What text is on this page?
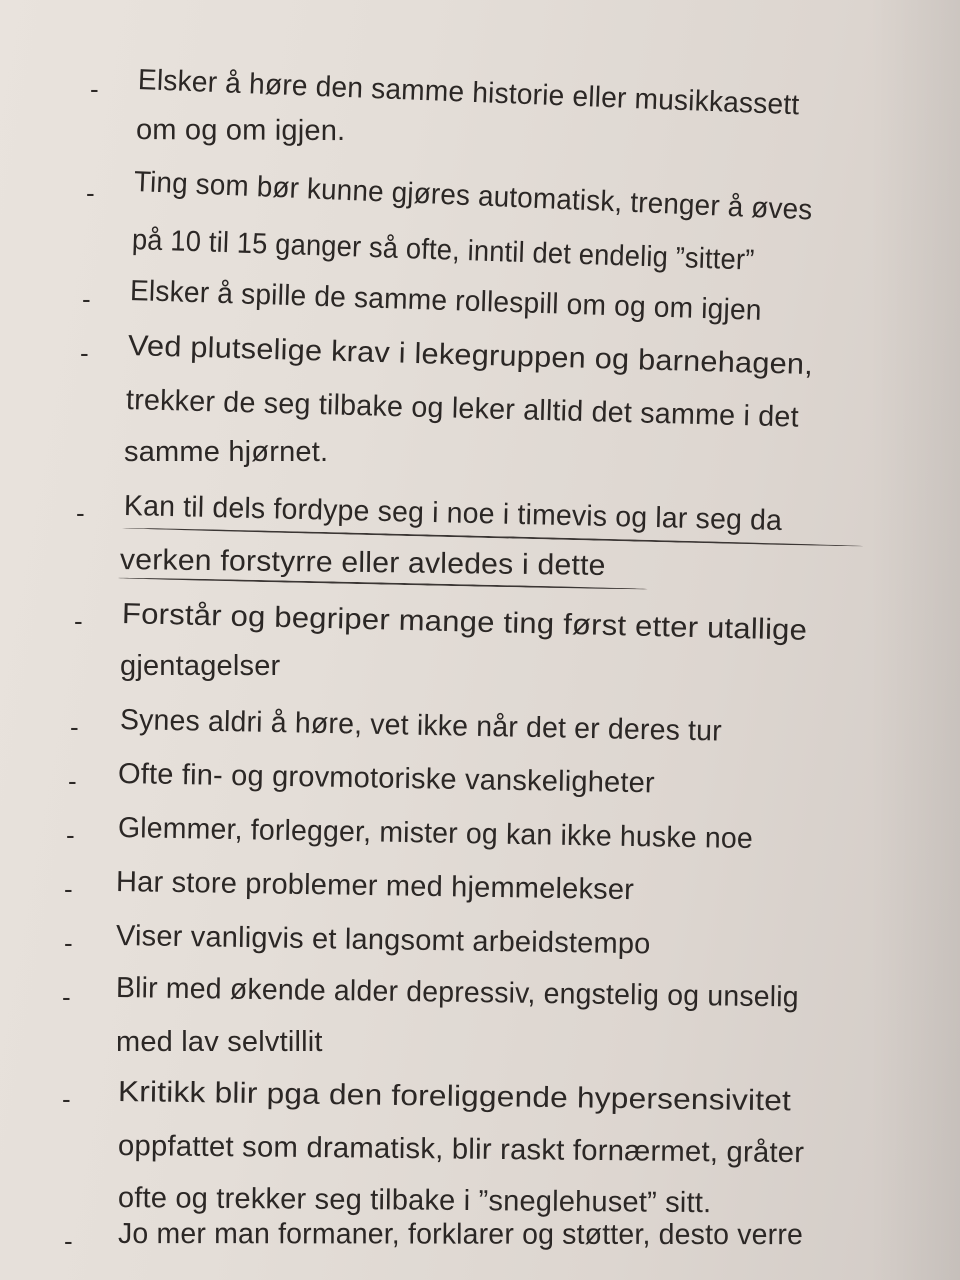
- Elsker å høre den samme historie eller musikkassett
om og om igjen.
- Ting som bør kunne gjøres automatisk, trenger å øves
på 10 til 15 ganger så ofte, inntil det endelig ”sitter”
- Elsker å spille de samme rollespill om og om igjen
- Ved plutselige krav i lekegruppen og barnehagen,
trekker de seg tilbake og leker alltid det samme i det
samme hjørnet.
- Kan til dels fordype seg i noe i timevis og lar seg da
verken forstyrre eller avledes i dette
- Forstår og begriper mange ting først etter utallige
gjentagelser
- Synes aldri å høre, vet ikke når det er deres tur
- Ofte fin- og grovmotoriske vanskeligheter
- Glemmer, forlegger, mister og kan ikke huske noe
- Har store problemer med hjemmelekser
- Viser vanligvis et langsomt arbeidstempo
- Blir med økende alder depressiv, engstelig og unselig
med lav selvtillit
- Kritikk blir pga den foreliggende hypersensivitet
oppfattet som dramatisk, blir raskt fornærmet, gråter
ofte og trekker seg tilbake i ”sneglehuset” sitt.
- Jo mer man formaner, forklarer og støtter, desto verre
